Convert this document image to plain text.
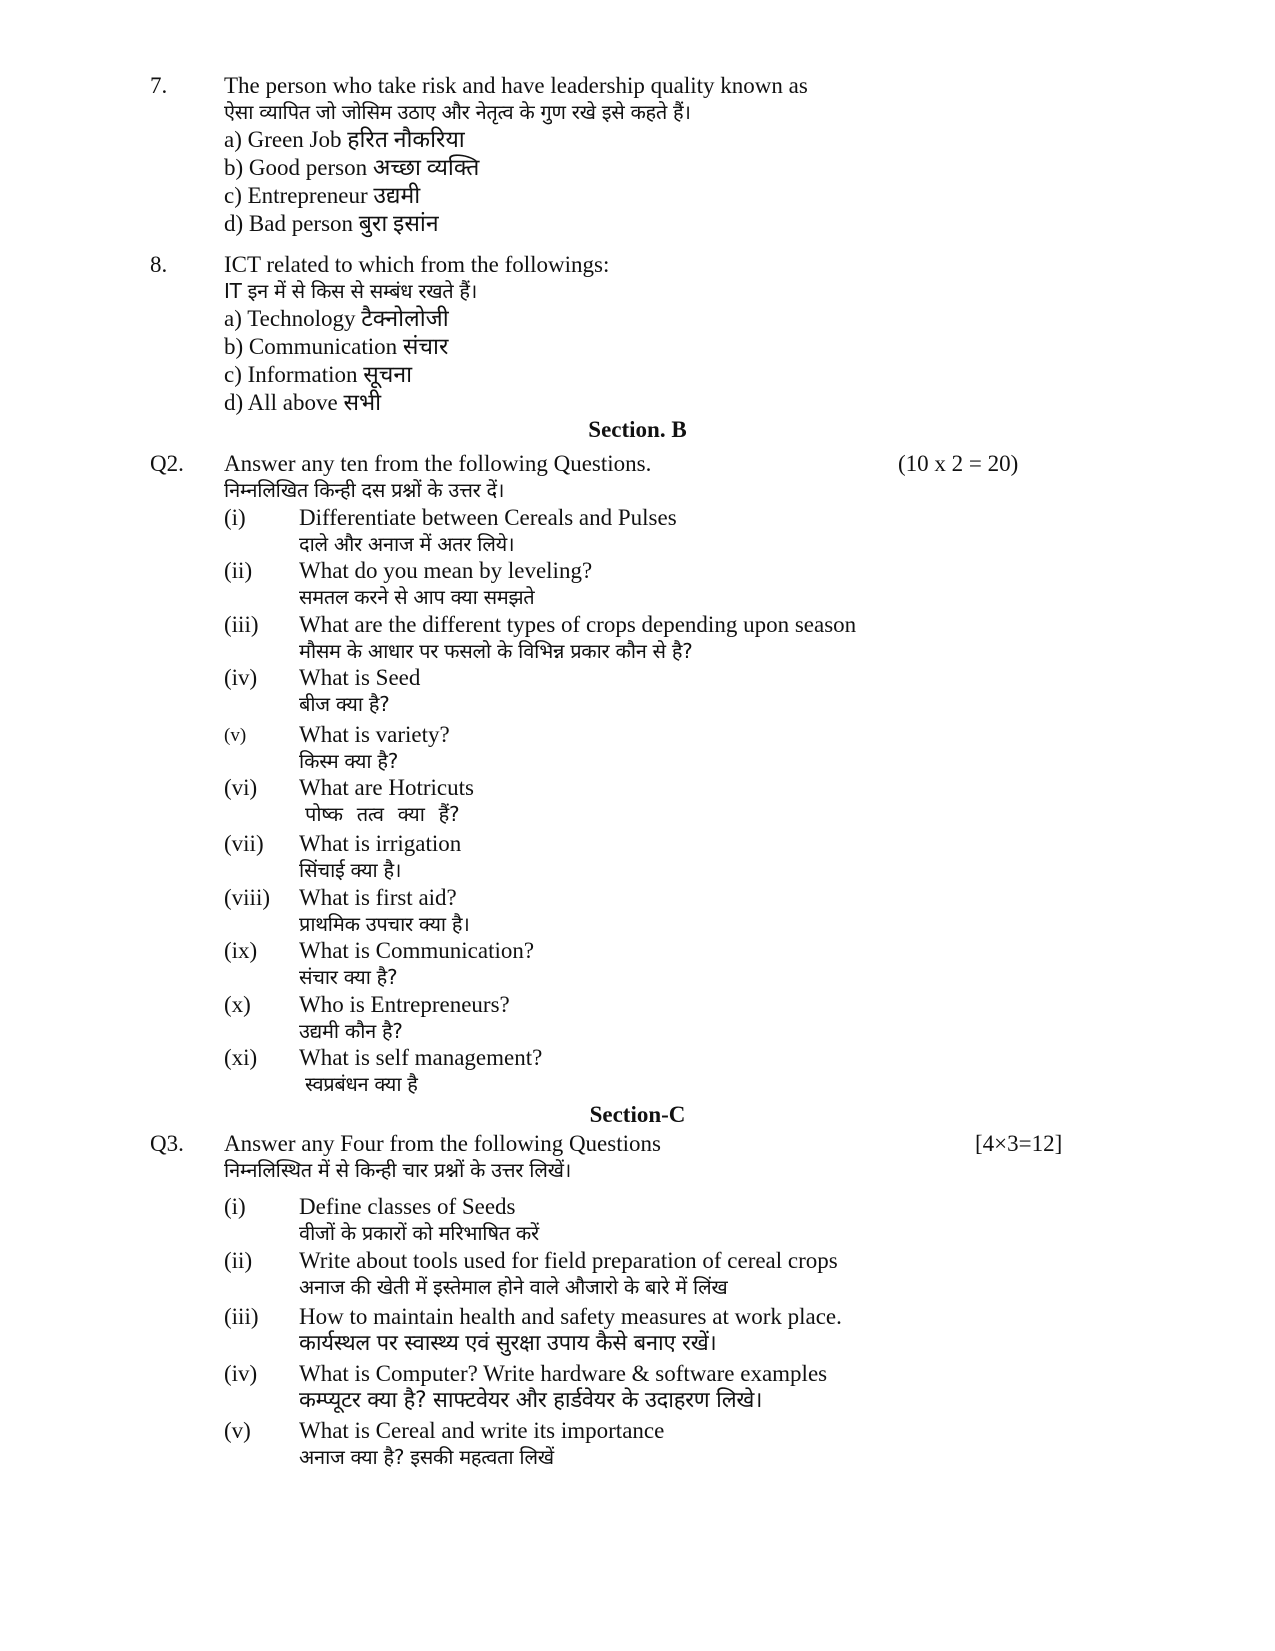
7. The person who take risk and have leadership quality known as
ऐसा व्यापित जो जोसिम उठाए और नेतृत्व के गुण रखे इसे कहते हैं।
a) Green Job हरित नौकरिया
b) Good person अच्छा व्यक्ति
c) Entrepreneur उद्यमी
d) Bad person बुरा इसांन
8. ICT related to which from the followings:
IT इन में से किस से सम्बंध रखते हैं।
a) Technology टैक्नोलोजी
b) Communication संचार
c) Information सूचना
d) All above सभी
Section. B
Q2. Answer any ten from the following Questions.	(10 x 2 = 20)
निम्नलिखित किन्ही दस प्रश्नों के उत्तर दें।
(i) Differentiate between Cereals and Pulses
दाले और अनाज में अतर लिये।
(ii) What do you mean by leveling?
समतल करने से आप क्या समझते
(iii) What are the different types of crops depending upon season
मौसम के आधार पर फसलो के विभिन्न प्रकार कौन से है?
(iv) What is Seed
बीज क्या है?
(v) What is variety?
किस्म क्या है?
(vi) What are Hotricuts
पोष्क तत्व क्या हैं?
(vii) What is irrigation
सिंचाई क्या है।
(viii) What is first aid?
प्राथमिक उपचार क्या है।
(ix) What is Communication?
संचार क्या है?
(x) Who is Entrepreneurs?
उद्यमी कौन है?
(xi) What is self management?
स्वप्रबंधन क्या है
Section-C
Q3. Answer any Four from the following Questions	[4×3=12]
निम्नलिस्थित में से किन्ही चार प्रश्नों के उत्तर लिखें।
(i) Define classes of Seeds
वीजों के प्रकारों को मरिभाषित करें
(ii) Write about tools used for field preparation of cereal crops
अनाज की खेती में इस्तेमाल होने वाले औजारो के बारे में लिंख
(iii) How to maintain health and safety measures at work place.
कार्यस्थल पर स्वास्थ्य एवं सुरक्षा उपाय कैसे बनाए रखें।
(iv) What is Computer? Write hardware & software examples
कम्प्यूटर क्या है? साफ्टवेयर और हार्डवेयर के उदाहरण लिखे।
(v) What is Cereal and write its importance
अनाज क्या है? इसकी महत्वता लिखें
